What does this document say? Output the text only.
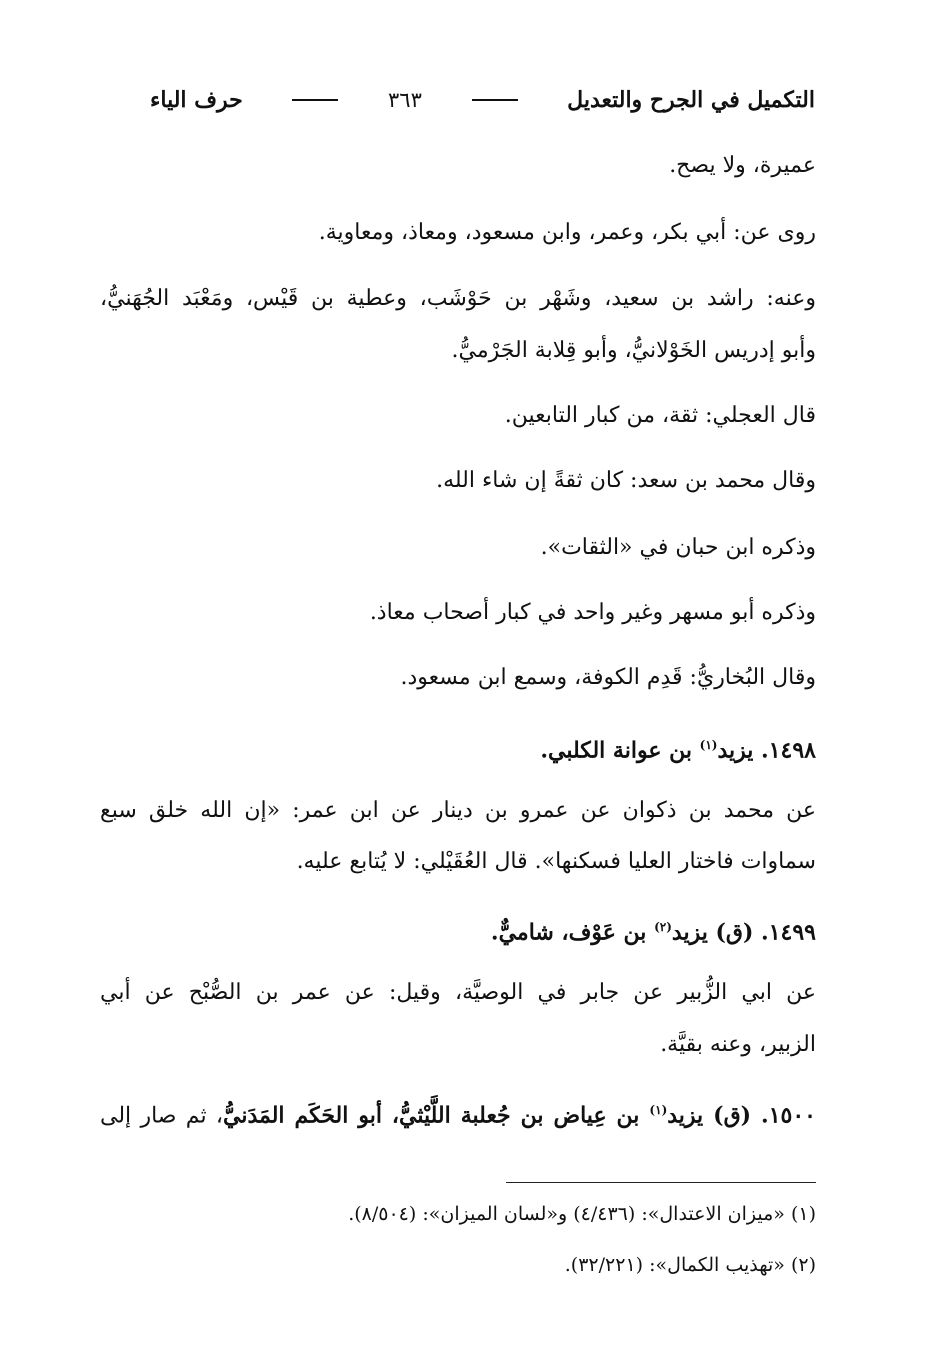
التكميل في الجرح والتعديل
٣٦٣
حرف الياء
عميرة، ولا يصح.
روى عن: أبي بكر، وعمر، وابن مسعود، ومعاذ، ومعاوية.
وعنه: راشد بن سعيد، وشَهْر بن حَوْشَب، وعطية بن قَيْس، ومَعْبَد الجُهَنيُّ،
وأبو إدريس الخَوْلانيُّ، وأبو قِلابة الجَرْميُّ.
قال العجلي: ثقة، من كبار التابعين.
وقال محمد بن سعد: كان ثقةً إن شاء الله.
وذكره ابن حبان في «الثقات».
وذكره أبو مسهر وغير واحد في كبار أصحاب معاذ.
وقال البُخاريُّ: قَدِم الكوفة، وسمع ابن مسعود.
١٤٩٨. يزيد$^{(١)}$ بن عوانة الكلبي.
عن محمد بن ذكوان عن عمرو بن دينار عن ابن عمر: «إن الله خلق سبع
سماوات فاختار العليا فسكنها». قال العُقَيْلي: لا يُتابع عليه.
١٤٩٩. (ق) يزيد$^{(٢)}$ بن عَوْف، شاميٌّ.
عن ابي الزُّبير عن جابر في الوصيَّة، وقيل: عن عمر بن الصُّبْح عن أبي
الزبير، وعنه بقيَّة.
١٥٠٠. (ق) يزيد$^{(١)}$ بن عِياض بن جُعلبة اللَّيْثيُّ، أبو الحَكَم المَدَنيُّ، ثم صار إلى
(١) «ميزان الاعتدال»: (٤/٤٣٦) و«لسان الميزان»: (٨/٥٠٤).
(٢) «تهذيب الكمال»: (٣٢/٢٢١).
